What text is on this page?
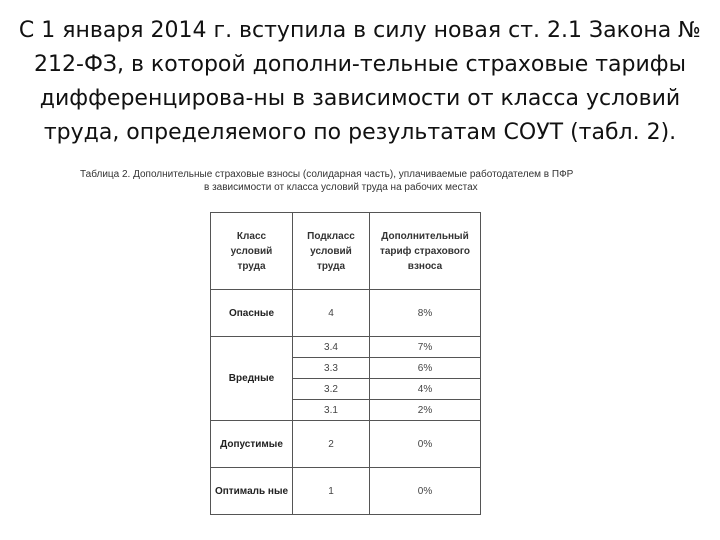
С 1 января 2014 г. вступила в силу новая ст. 2.1 Закона №
212-ФЗ, в которой дополни-тельные страховые тарифы
дифференцирова-ны в зависимости от класса условий
труда, определяемого по результатам СОУТ (табл. 2).
Таблица 2. Дополнительные страховые взносы (солидарная часть), уплачиваемые работодателем в ПФР
в зависимости от класса условий труда на рабочих местах
Класс условий труда	Подкласс условий труда	Дополнительный тариф страхового взноса

Опасные	4	8%
Вредные	3.4	7%
	3.3	6%
	3.2	4%
	3.1	2%
Допустимые	2	0%
Оптималь ные	1	0%
